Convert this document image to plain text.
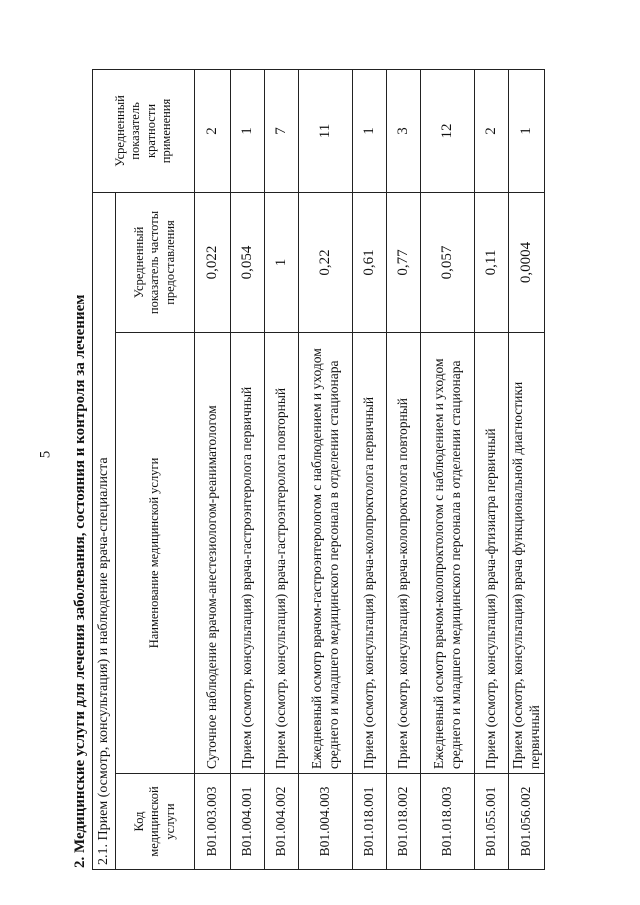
5 2. Медицинские услуги для лечения заболевания, состояния и контроля за лечением 2.1. Прием (осмотр, консультация) и наблюдение врача-специалиста			Усредненный показатель кратности применения
Код медицинской услуги	Наименование медицинской услуги	Усредненный показатель частоты предоставления	
B01.003.003	Суточное наблюдение врачом-анестезиологом-реаниматологом	0,022	2
B01.004.001	Прием (осмотр, консультация) врача-гастроэнтеролога первичный	0,054	1
B01.004.002	Прием (осмотр, консультация) врача-гастроэнтеролога повторный	1	7
B01.004.003	Ежедневный осмотр врачом-гастроэнтерологом с наблюдением и уходом среднего и младшего медицинского персонала в отделении стационара	0,22	11
B01.018.001	Прием (осмотр, консультация) врача-колопроктолога первичный	0,61	1
B01.018.002	Прием (осмотр, консультация) врача-колопроктолога повторный	0,77	3
B01.018.003	Ежедневный осмотр врачом-колопроктологом с наблюдением и уходом среднего и младшего медицинского персонала в отделении стационара	0,057	12
B01.055.001	Прием (осмотр, консультация) врача-фтизиатра первичный	0,11	2
B01.056.002	Прием (осмотр, консультация) врача функциональной диагностики первичный	0,0004	1
